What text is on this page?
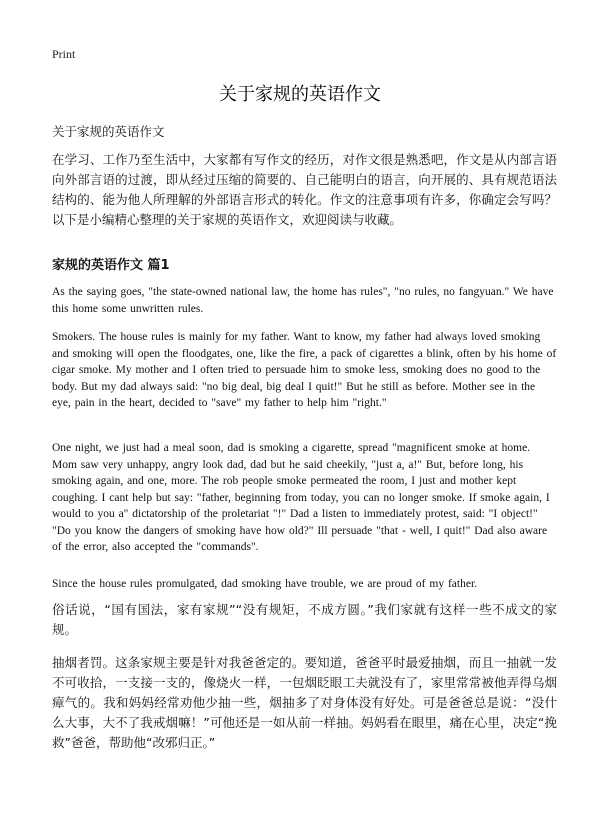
Print
关于家规的英语作文

关于家规的英语作文

在学习、工作乃至生活中，大家都有写作文的经历，对作文很是熟悉吧，作文是从内部言语向外部言语的过渡，即从经过压缩的简要的、自己能明白的语言，向开展的、具有规范语法结构的、能为他人所理解的外部语言形式的转化。作文的注意事项有许多，你确定会写吗？以下是小编精心整理的关于家规的英语作文，欢迎阅读与收藏。

家规的英语作文 篇1

As the saying goes, "the state-owned national law, the home has rules", "no rules, no fangyuan." We have this home some unwritten rules.

Smokers. The house rules is mainly for my father. Want to know, my father had always loved smoking and smoking will open the floodgates, one, like the fire, a pack of cigarettes a blink, often by his home of cigar smoke. My mother and I often tried to persuade him to smoke less, smoking does no good to the body. But my dad always said: "no big deal, big deal I quit!" But he still as before. Mother see in the eye, pain in the heart, decided to "save" my father to help him "right."

One night, we just had a meal soon, dad is smoking a cigarette, spread "magnificent smoke at home. Mom saw very unhappy, angry look dad, dad but he said cheekily, "just a, a!" But, before long, his smoking again, and one, more. The rob people smoke permeated the room, I just and mother kept coughing. I cant help but say: "father, beginning from today, you can no longer smoke. If smoke again, I would to you a" dictatorship of the proletariat "!" Dad a listen to immediately protest, said: "I object!" "Do you know the dangers of smoking have how old?" Ill persuade "that - well, I quit!" Dad also aware of the error, also accepted the "commands".

Since the house rules promulgated, dad smoking have trouble, we are proud of my father.

俗话说，“国有国法，家有家规”“没有规矩，不成方圆。”我们家就有这样一些不成文的家规。

抽烟者罚。这条家规主要是针对我爸爸定的。要知道，爸爸平时最爱抽烟，而且一抽就一发不可收拾，一支接一支的，像烧火一样，一包烟眨眼工夫就没有了，家里常常被他弄得乌烟瘴气的。我和妈妈经常劝他少抽一些，烟抽多了对身体没有好处。可是爸爸总是说：“没什么大事，大不了我戒烟嘛！”可他还是一如从前一样抽。妈妈看在眼里，痛在心里，决定“挽救”爸爸，帮助他“改邪归正。”
